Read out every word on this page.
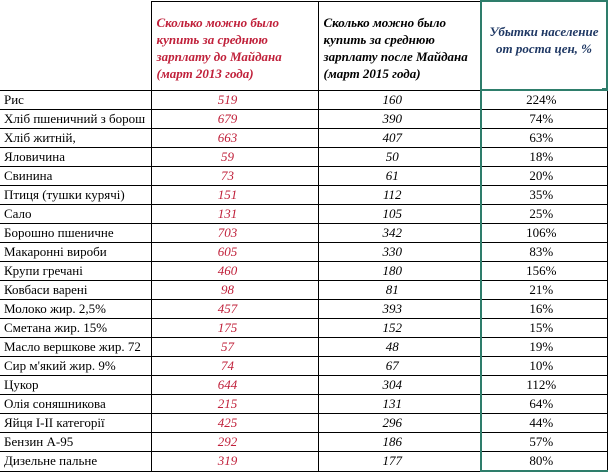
	Сколько можно было купить за среднюю зарплату до Майдана (март 2013 года)	Сколько можно было купить за среднюю зарплату после Майдана (март 2015 года)	Убытки население от роста цен, %
Рис	519	160	224%
Хліб пшеничний з борош	679	390	74%
Хліб житній,	663	407	63%
Яловичина	59	50	18%
Свинина	73	61	20%
Птиця (тушки курячі)	151	112	35%
Сало	131	105	25%
Борошно пшеничне	703	342	106%
Макаронні вироби	605	330	83%
Крупи гречані	460	180	156%
Ковбаси варені	98	81	21%
Молоко жир. 2,5%	457	393	16%
Сметана жир. 15%	175	152	15%
Масло вершкове жир. 72	57	48	19%
Сир м'який жир. 9%	74	67	10%
Цукор	644	304	112%
Олія соняшникова	215	131	64%
Яйця І-ІІ категорії	425	296	44%
Бензин А-95	292	186	57%
Дизельне пальне	319	177	80%
